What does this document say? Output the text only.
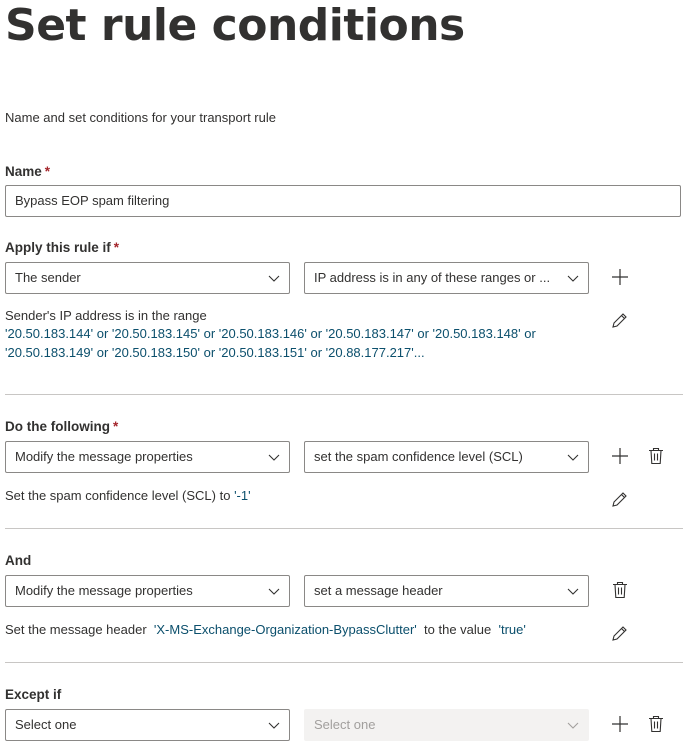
Set rule conditions
Name and set conditions for your transport rule
Name *
Bypass EOP spam filtering
Apply this rule if *
The sender	IP address is in any of these ranges or ...
Sender's IP address is in the range
'20.50.183.144' or '20.50.183.145' or '20.50.183.146' or '20.50.183.147' or '20.50.183.148' or '20.50.183.149' or '20.50.183.150' or '20.50.183.151' or '20.88.177.217'...
Do the following *
Modify the message properties	set the spam confidence level (SCL)
Set the spam confidence level (SCL) to '-1'
And
Modify the message properties	set a message header
Set the message header  'X-MS-Exchange-Organization-BypassClutter'  to the value  'true'
Except if
Select one	Select one
